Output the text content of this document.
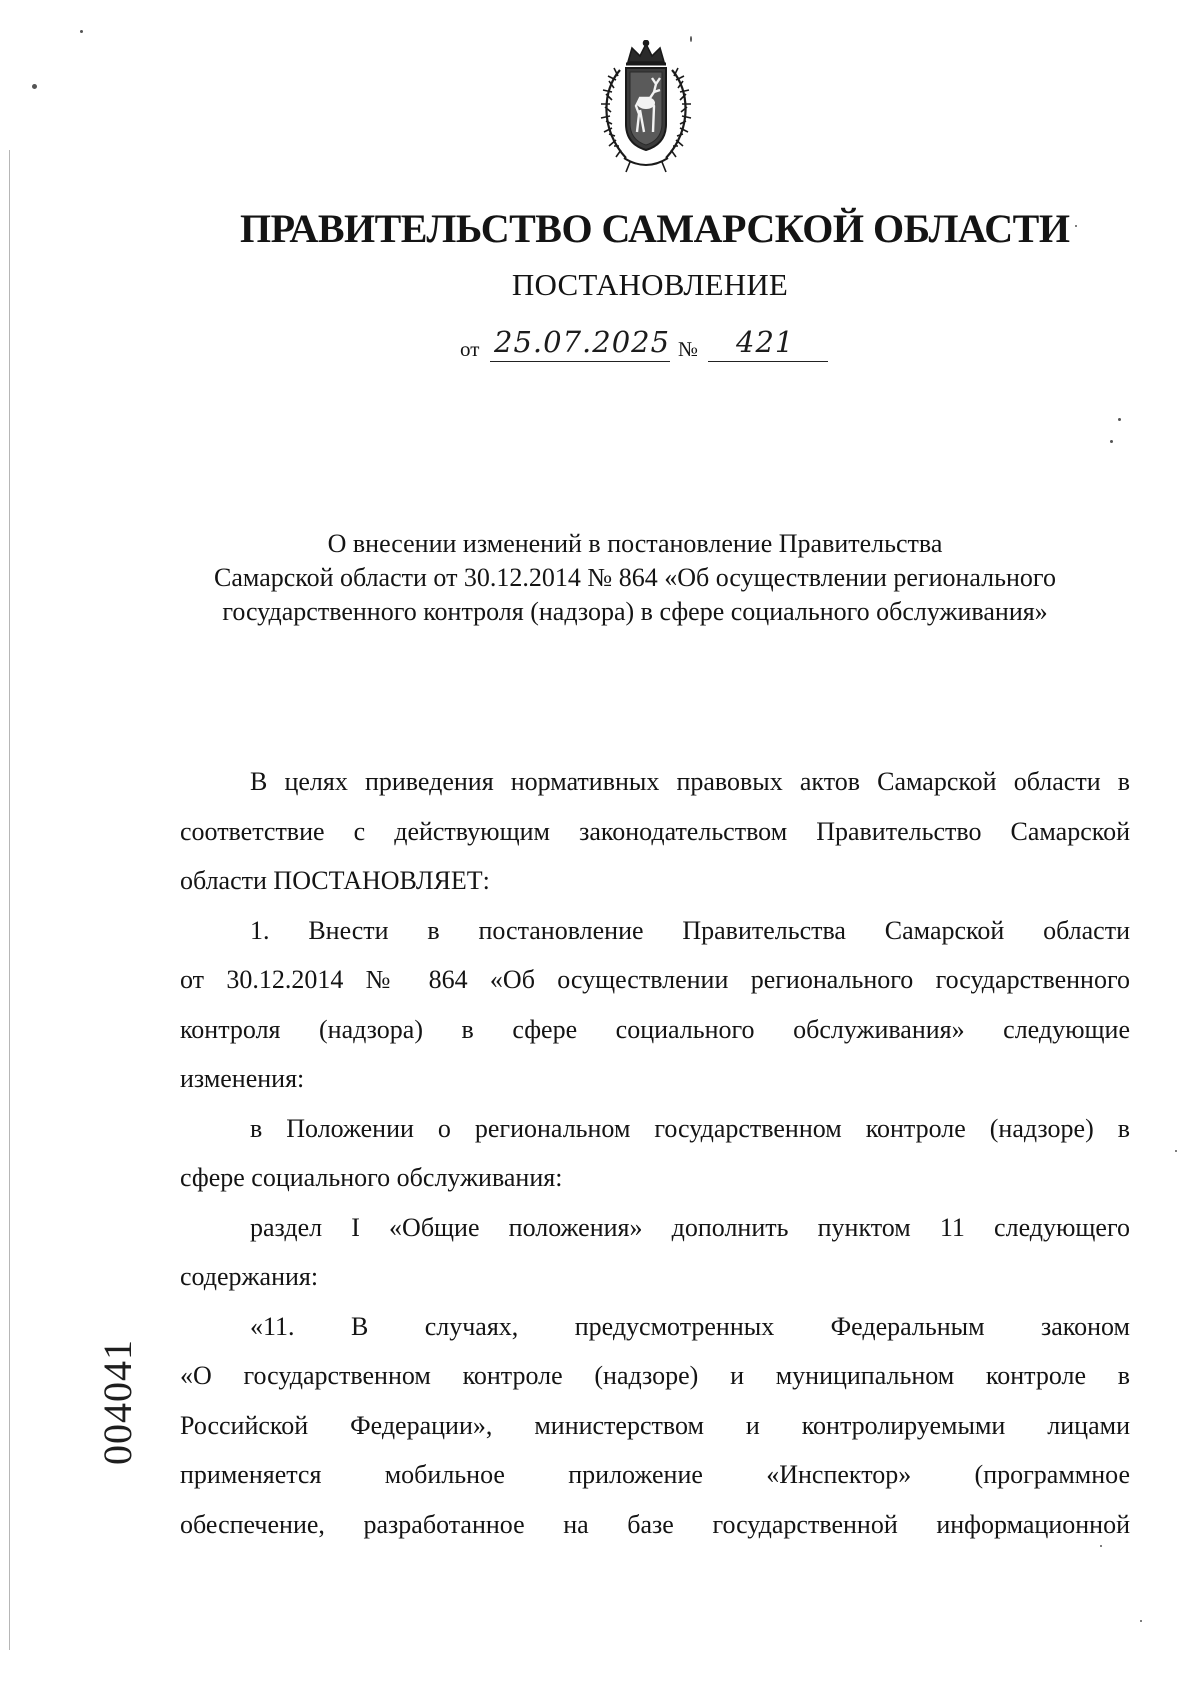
ПРАВИТЕЛЬСТВО САМАРСКОЙ ОБЛАСТИ
ПОСТАНОВЛЕНИЕ
от 25.07.2025 № 421
О внесении изменений в постановление Правительства
Самарской области от 30.12.2014 № 864 «Об осуществлении регионального
государственного контроля (надзора) в сфере социального обслуживания»
В целях приведения нормативных правовых актов Самарской области в
соответствие с действующим законодательством Правительство Самарской
области ПОСТАНОВЛЯЕТ:
1. Внести в постановление Правительства Самарской области
от 30.12.2014 № 864 «Об осуществлении регионального государственного
контроля (надзора) в сфере социального обслуживания» следующие
изменения:
в Положении о региональном государственном контроле (надзоре) в
сфере социального обслуживания:
раздел I «Общие положения» дополнить пунктом 11 следующего
содержания:
«11. В случаях, предусмотренных Федеральным законом
«О государственном контроле (надзоре) и муниципальном контроле в
Российской Федерации», министерством и контролируемыми лицами
применяется мобильное приложение «Инспектор» (программное
обеспечение, разработанное на базе государственной информационной
004041
